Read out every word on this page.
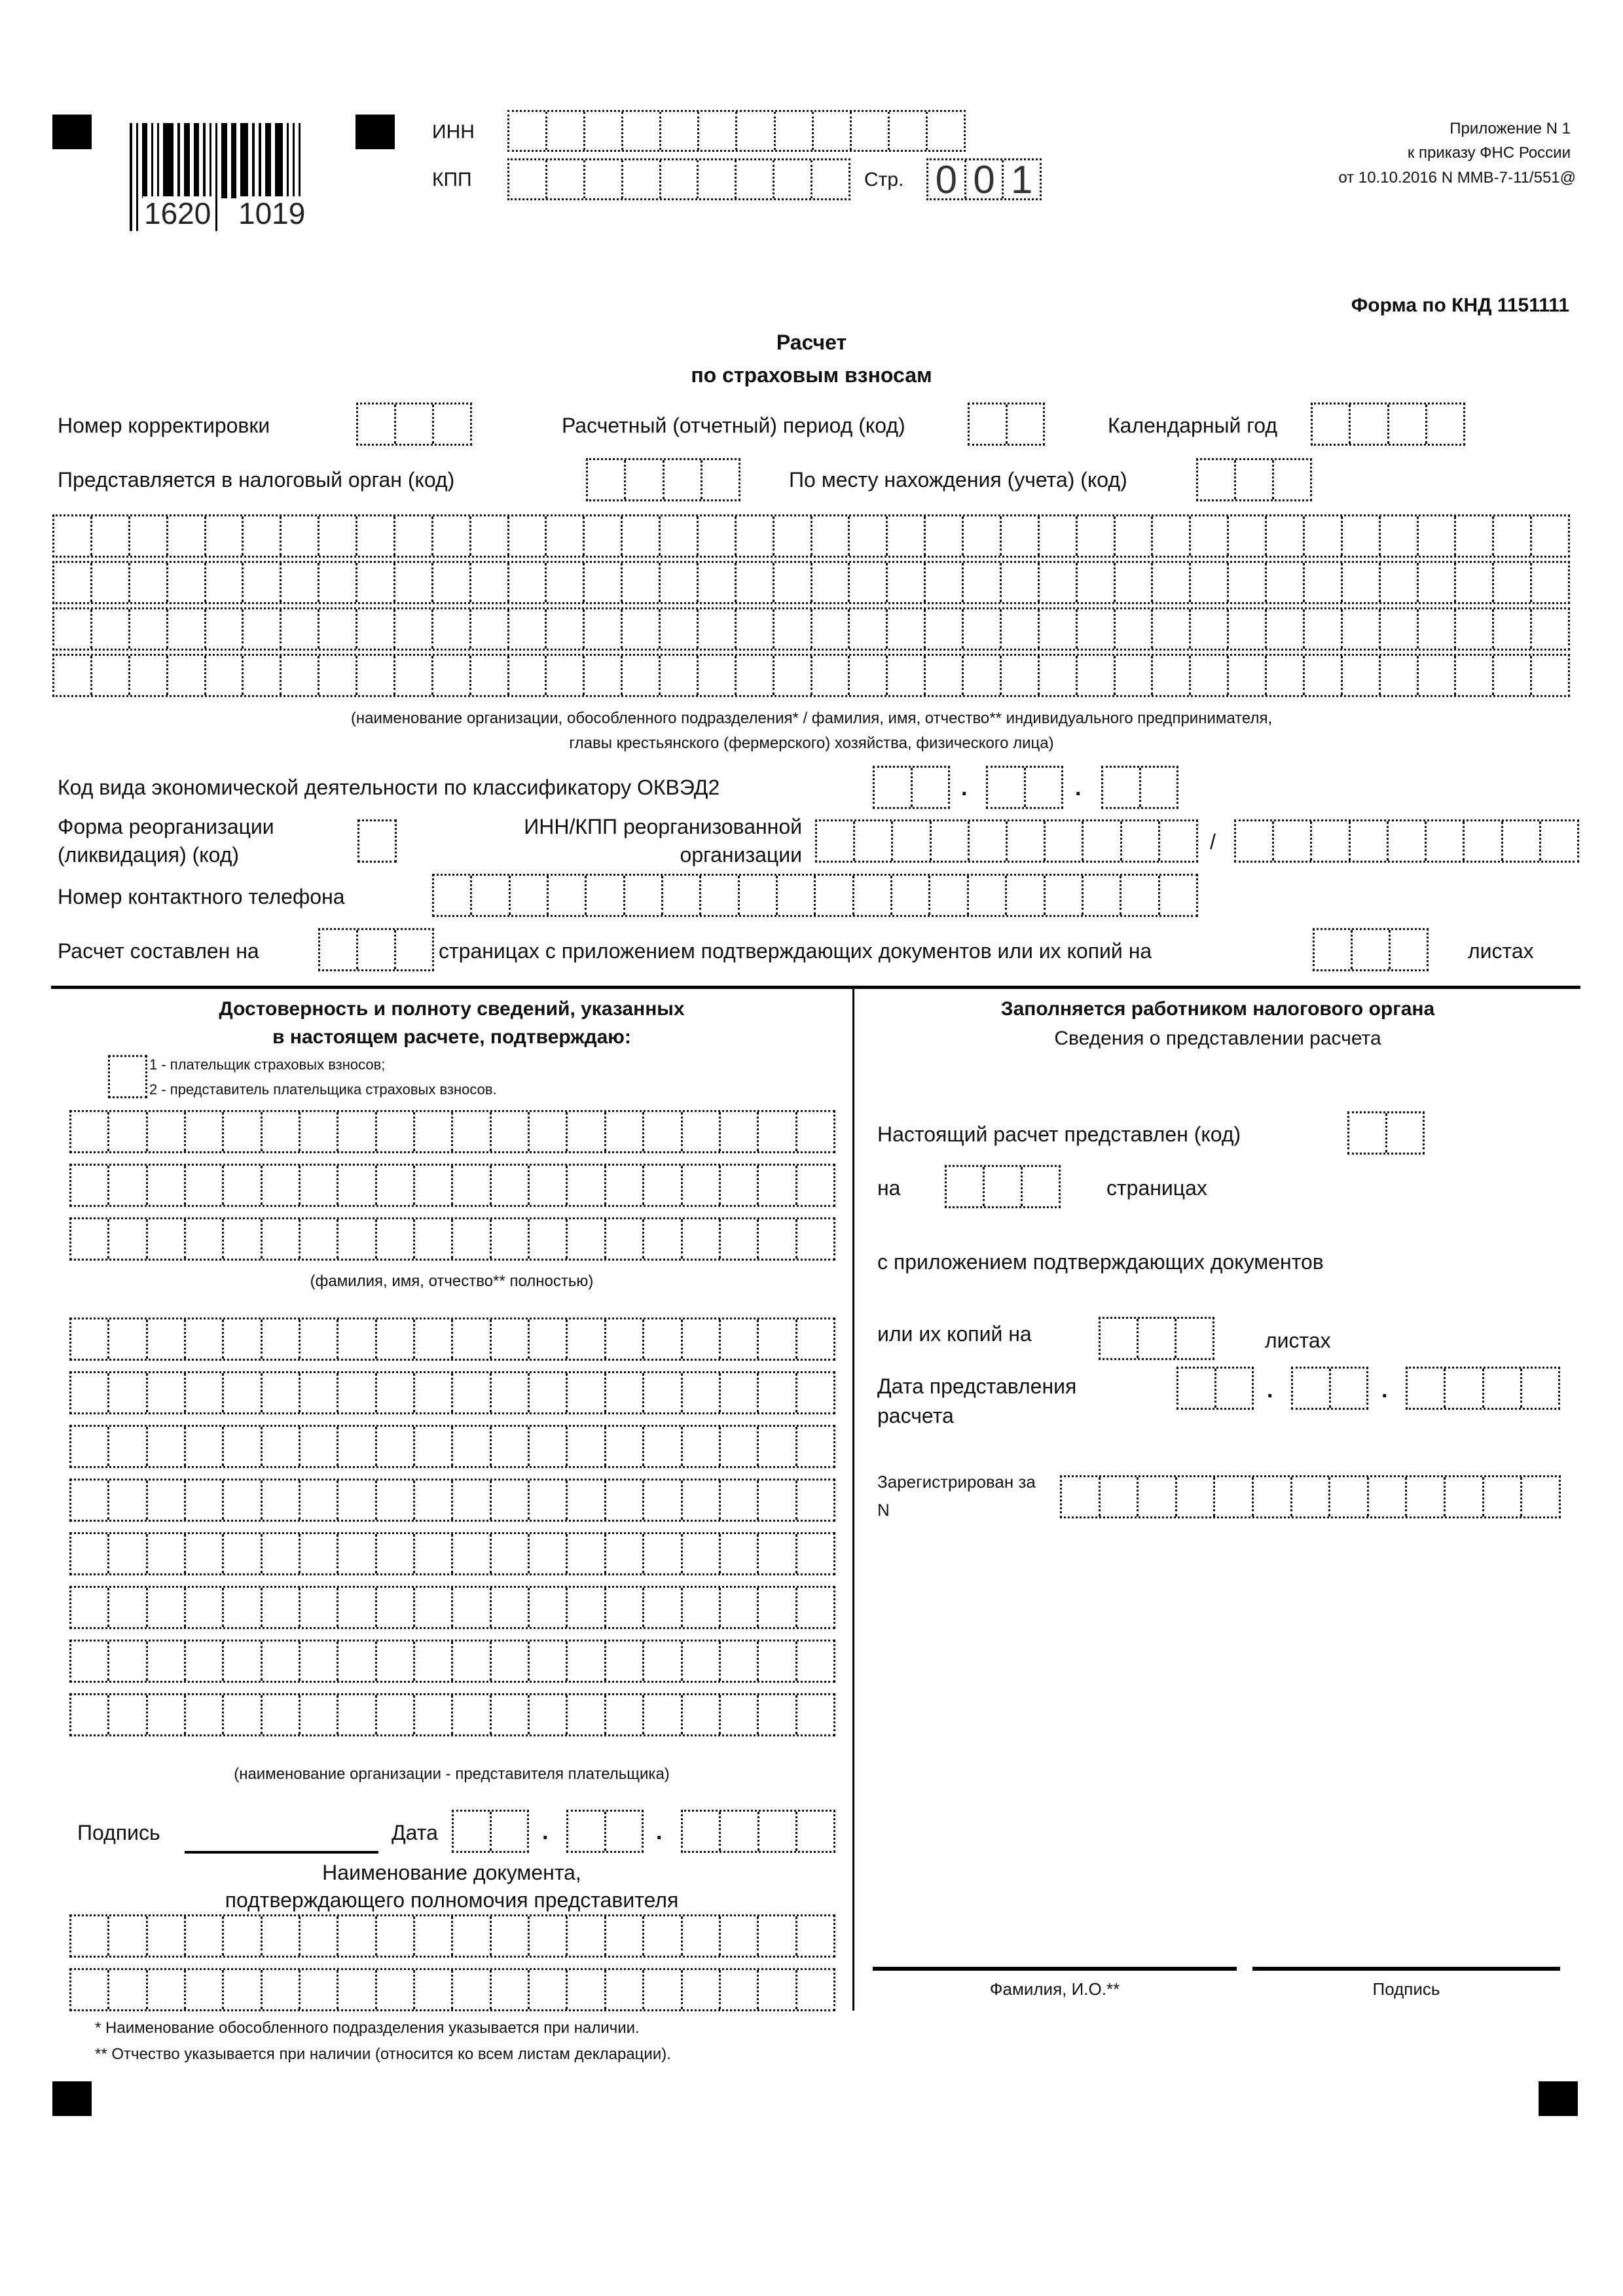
1620 1019
ИНН
КПП	Стр. 0 0 1
Приложение N 1
к приказу ФНС России
от 10.10.2016 N ММВ-7-11/551@
Форма по КНД 1151111
Расчет
по страховым взносам
Номер корректировки	Расчетный (отчетный) период (код)	Календарный год
Представляется в налоговый орган (код)	По месту нахождения (учета) (код)
(наименование организации, обособленного подразделения* / фамилия, имя, отчество** индивидуального предпринимателя,
главы крестьянского (фермерского) хозяйства, физического лица)
Код вида экономической деятельности по классификатору ОКВЭД2	.	.
Форма реорганизации
(ликвидация) (код)
ИНН/КПП реорганизованной
организации
/
Номер контактного телефона
Расчет составлен на	страницах с приложением подтверждающих документов или их копий на	листах
Достоверность и полноту сведений, указанных
в настоящем расчете, подтверждаю:
1 - плательщик страховых взносов;
2 - представитель плательщика страховых взносов.
(фамилия, имя, отчество** полностью)
(наименование организации - представителя плательщика)
Подпись	Дата	.	.
Наименование документа,
подтверждающего полномочия представителя
* Наименование обособленного подразделения указывается при наличии.
** Отчество указывается при наличии (относится ко всем листам декларации).
Заполняется работником налогового органа
Сведения о представлении расчета
Настоящий расчет представлен (код)
на	страницах
с приложением подтверждающих документов
или их копий на	листах
Дата представления
расчета
.	.
Зарегистрирован за
N
Фамилия, И.О.**	Подпись
